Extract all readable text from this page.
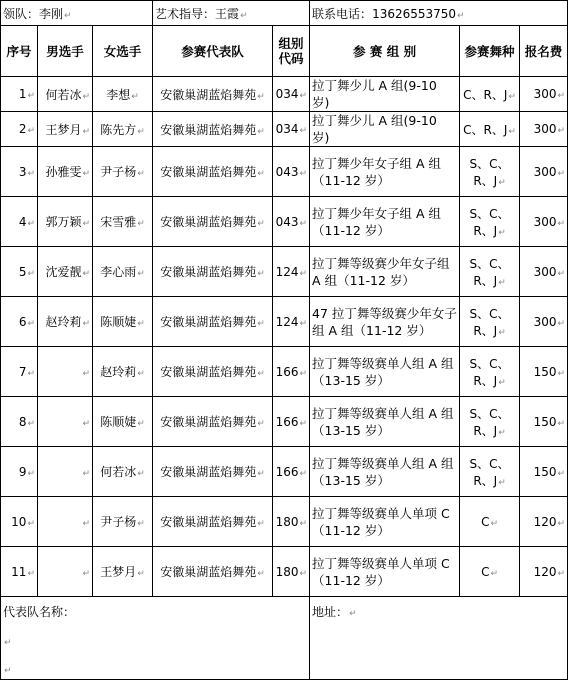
领队：李刚↵			艺术指导：王霞↵		联系电话：13626553750↵		
序号	男选手	女选手	参赛代表队	组别代码	参 赛 组 别	参赛舞种	报名费
1↵	何若冰↵	李想↵	安徽巢湖蓝焰舞苑↵	034↵	拉丁舞少儿 A 组(9-10 岁)	C、R、J↵	300↵
2↵	王梦月↵	陈先方↵	安徽巢湖蓝焰舞苑↵	034↵	拉丁舞少儿 A 组(9-10 岁)	C、R、J↵	300↵
3↵	孙雅雯↵	尹子杨↵	安徽巢湖蓝焰舞苑↵	043↵	拉丁舞少年女子组 A 组（11-12 岁）	S、C、R、J↵	300↵
4↵	郭万颖↵	宋雪雅↵	安徽巢湖蓝焰舞苑↵	043↵	拉丁舞少年女子组 A 组（11-12 岁）	S、C、R、J↵	300↵
5↵	沈爱靓↵	李心雨↵	安徽巢湖蓝焰舞苑↵	124↵	拉丁舞等级赛少年女子组 A 组（11-12 岁）	S、C、R、J↵	300↵
6↵	赵玲莉↵	陈顺婕↵	安徽巢湖蓝焰舞苑↵	124↵	47 拉丁舞等级赛少年女子组 A 组（11-12 岁）	S、C、R、J↵	300↵
7↵	↵	赵玲莉↵	安徽巢湖蓝焰舞苑↵	166↵	拉丁舞等级赛单人组 A 组（13-15 岁）	S、C、R、J↵	150↵
8↵	↵	陈顺婕↵	安徽巢湖蓝焰舞苑↵	166↵	拉丁舞等级赛单人组 A 组（13-15 岁）	S、C、R、J↵	150↵
9↵	↵	何若冰↵	安徽巢湖蓝焰舞苑↵	166↵	拉丁舞等级赛单人组 A 组（13-15 岁）	S、C、R、J↵	150↵
10↵	↵	尹子杨↵	安徽巢湖蓝焰舞苑↵	180↵	拉丁舞等级赛单人单项 C（11-12 岁）	C↵	120↵
11↵	↵	王梦月↵	安徽巢湖蓝焰舞苑↵	180↵	拉丁舞等级赛单人单项 C（11-12 岁）	C↵	120↵
代表队名称：

↵

↵					地址：↵		
